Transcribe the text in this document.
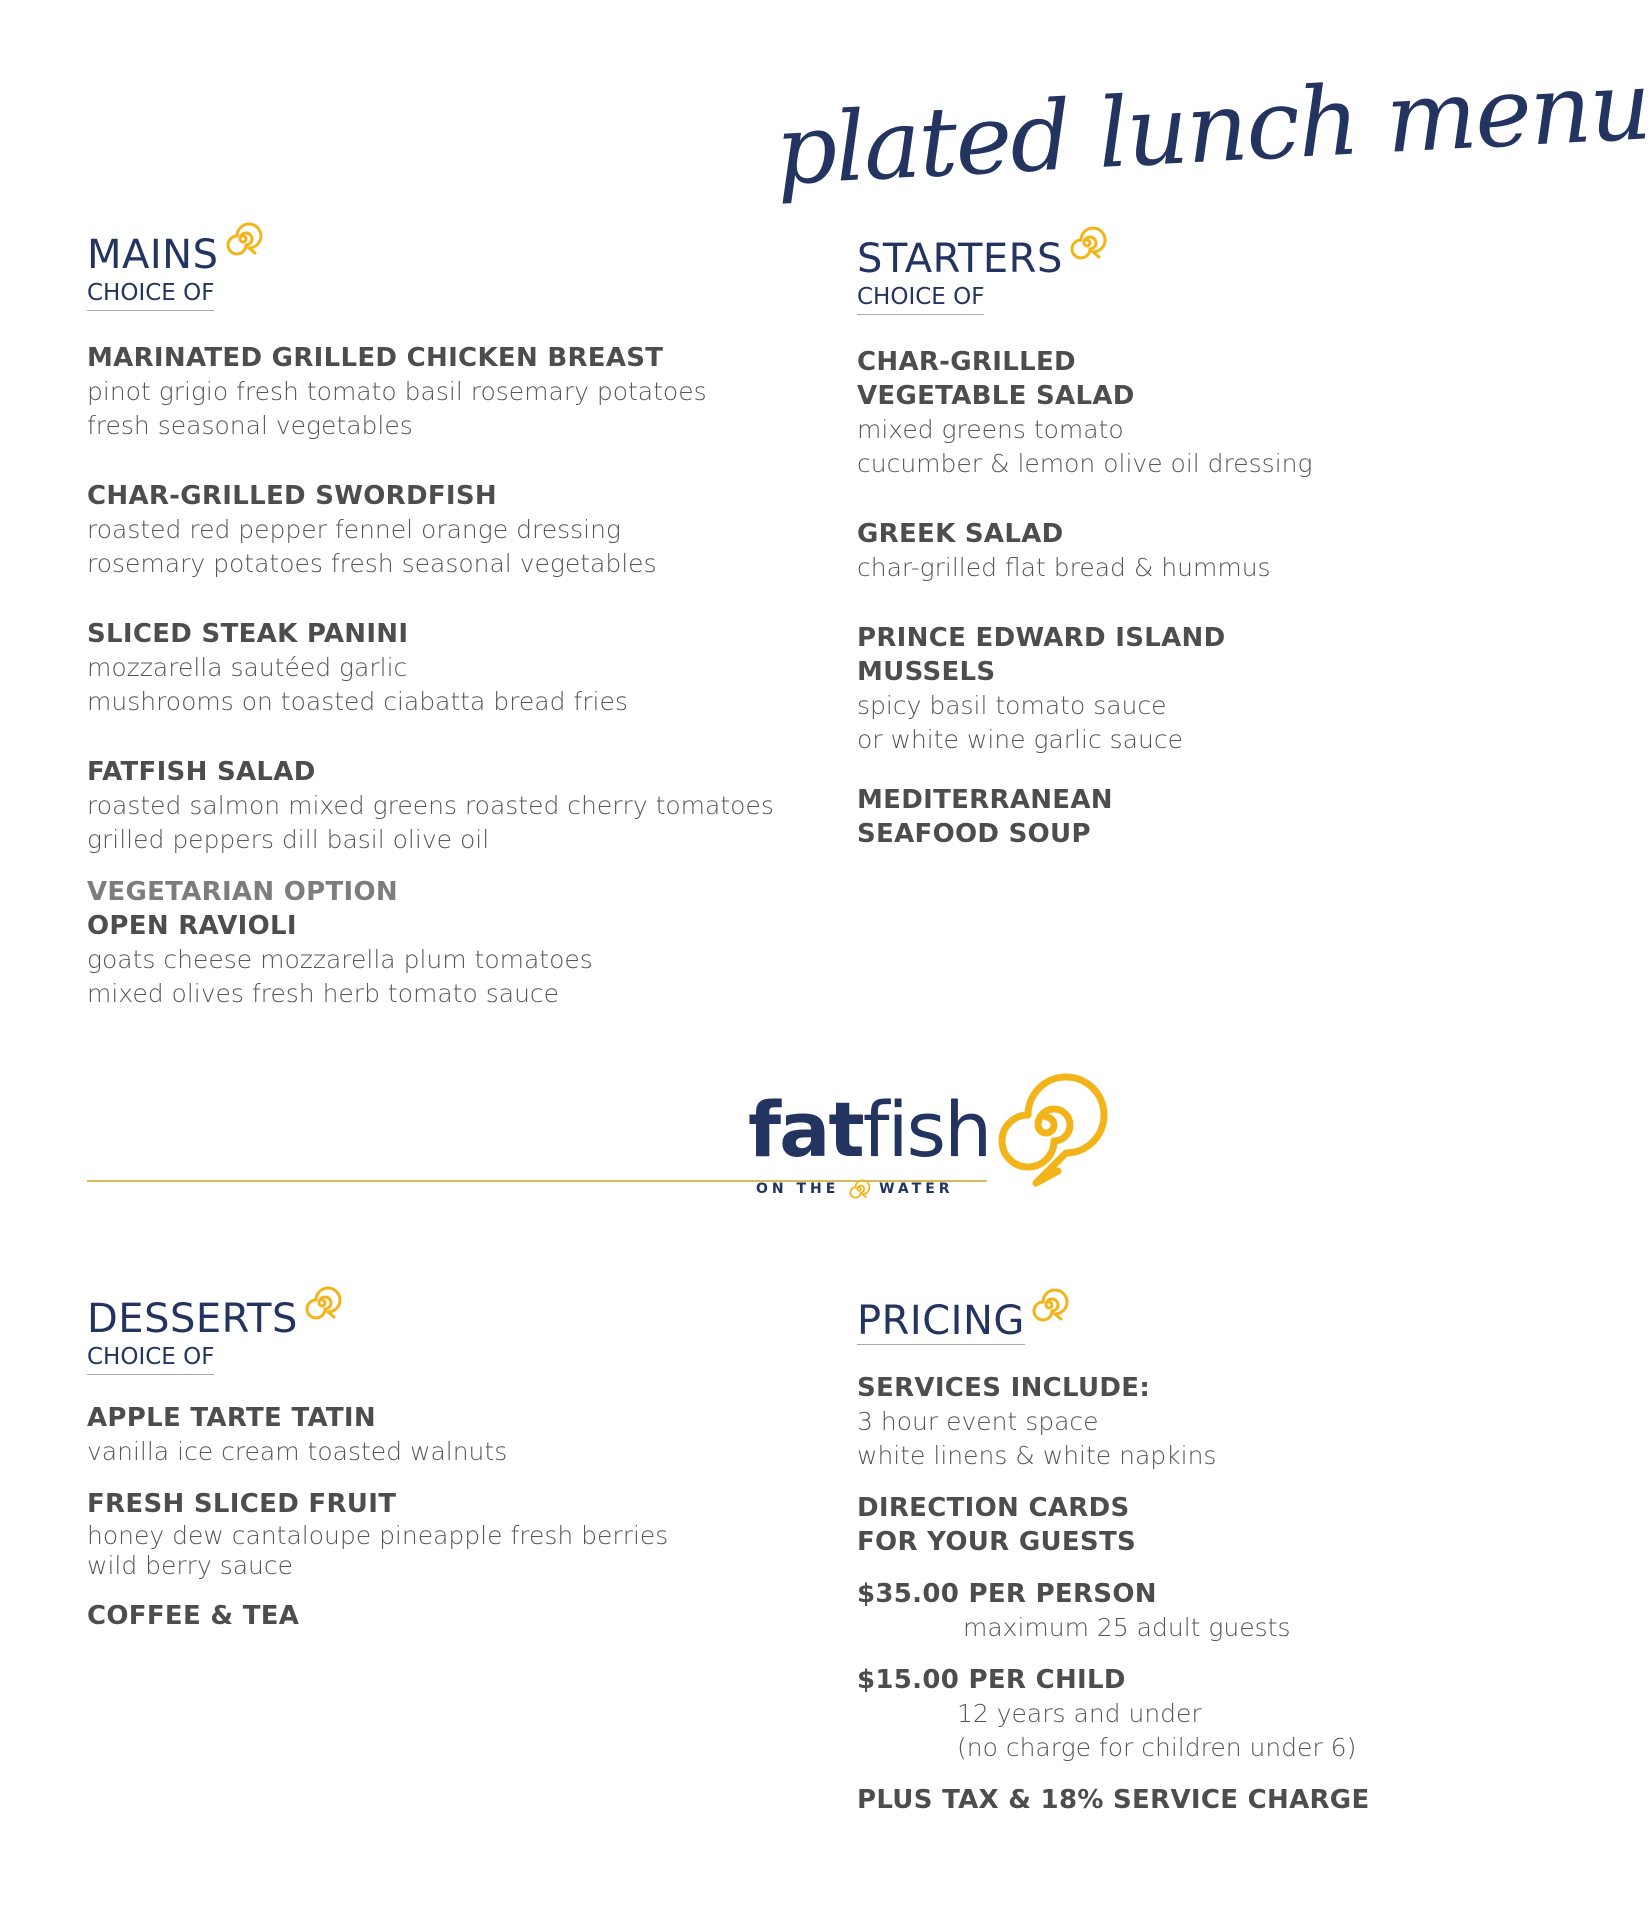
plated lunch menu
MAINS
CHOICE OF
MARINATED GRILLED CHICKEN BREAST
pinot grigio fresh tomato basil rosemary potatoes
fresh seasonal vegetables
CHAR-GRILLED SWORDFISH
roasted red pepper fennel orange dressing
rosemary potatoes fresh seasonal vegetables
SLICED STEAK PANINI
mozzarella sautéed garlic
mushrooms on toasted ciabatta bread fries
FATFISH SALAD
roasted salmon mixed greens roasted cherry tomatoes
grilled peppers dill basil olive oil
VEGETARIAN OPTION
OPEN RAVIOLI
goats cheese mozzarella plum tomatoes
mixed olives fresh herb tomato sauce
STARTERS
CHOICE OF
CHAR-GRILLED
VEGETABLE SALAD
mixed greens tomato
cucumber & lemon olive oil dressing
GREEK SALAD
char-grilled flat bread & hummus
PRINCE EDWARD ISLAND
MUSSELS
spicy basil tomato sauce
or white wine garlic sauce
MEDITERRANEAN
SEAFOOD SOUP
fatfish
ON THE	WATER
DESSERTS
CHOICE OF
APPLE TARTE TATIN
vanilla ice cream toasted walnuts
FRESH SLICED FRUIT
honey dew cantaloupe pineapple fresh berries
wild berry sauce
COFFEE & TEA
PRICING
SERVICES INCLUDE:
3 hour event space
white linens & white napkins
DIRECTION CARDS
FOR YOUR GUESTS
$35.00 PER PERSON
maximum 25 adult guests
$15.00 PER CHILD
12 years and under
(no charge for children under 6)
PLUS TAX & 18% SERVICE CHARGE
